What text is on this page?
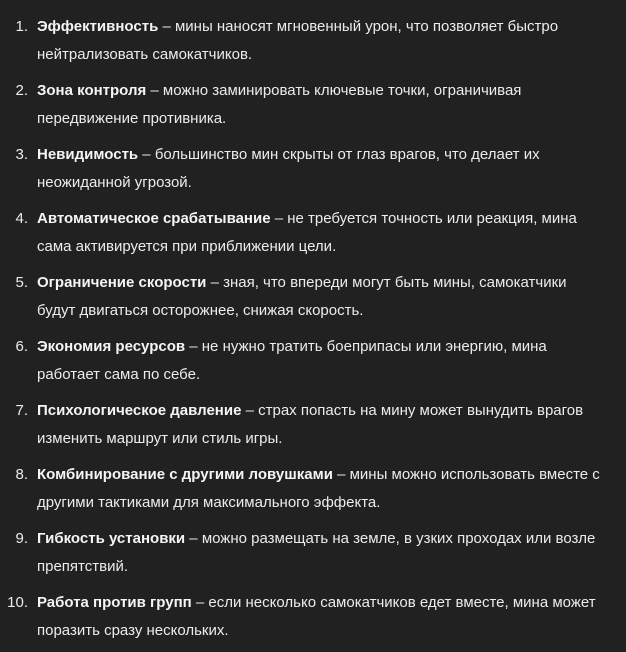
1. Эффективность – мины наносят мгновенный урон, что позволяет быстро нейтрализовать самокатчиков.
2. Зона контроля – можно заминировать ключевые точки, ограничивая передвижение противника.
3. Невидимость – большинство мин скрыты от глаз врагов, что делает их неожиданной угрозой.
4. Автоматическое срабатывание – не требуется точность или реакция, мина сама активируется при приближении цели.
5. Ограничение скорости – зная, что впереди могут быть мины, самокатчики будут двигаться осторожнее, снижая скорость.
6. Экономия ресурсов – не нужно тратить боеприпасы или энергию, мина работает сама по себе.
7. Психологическое давление – страх попасть на мину может вынудить врагов изменить маршрут или стиль игры.
8. Комбинирование с другими ловушками – мины можно использовать вместе с другими тактиками для максимального эффекта.
9. Гибкость установки – можно размещать на земле, в узких проходах или возле препятствий.
10. Работа против групп – если несколько самокатчиков едет вместе, мина может поразить сразу нескольких.
